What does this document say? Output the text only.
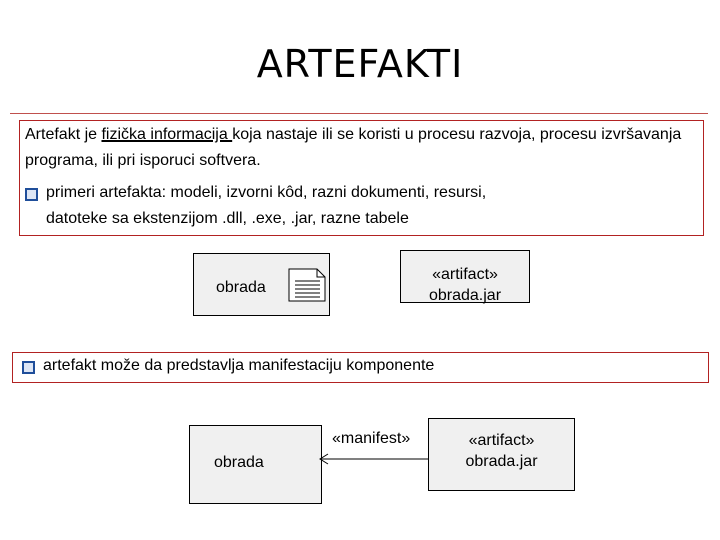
ARTEFAKTI
Artefakt je fizička informacija koja nastaje ili se koristi u procesu razvoja, procesu izvršavanja programa, ili pri isporuci softvera.
primeri artefakta: modeli, izvorni kôd, razni dokumenti, resursi,
datoteke sa ekstenzijom .dll, .exe, .jar, razne tabele
obrada
«artifact»
obrada.jar
artefakt može da predstavlja manifestaciju komponente
obrada
«manifest»	«artifact»
obrada.jar
